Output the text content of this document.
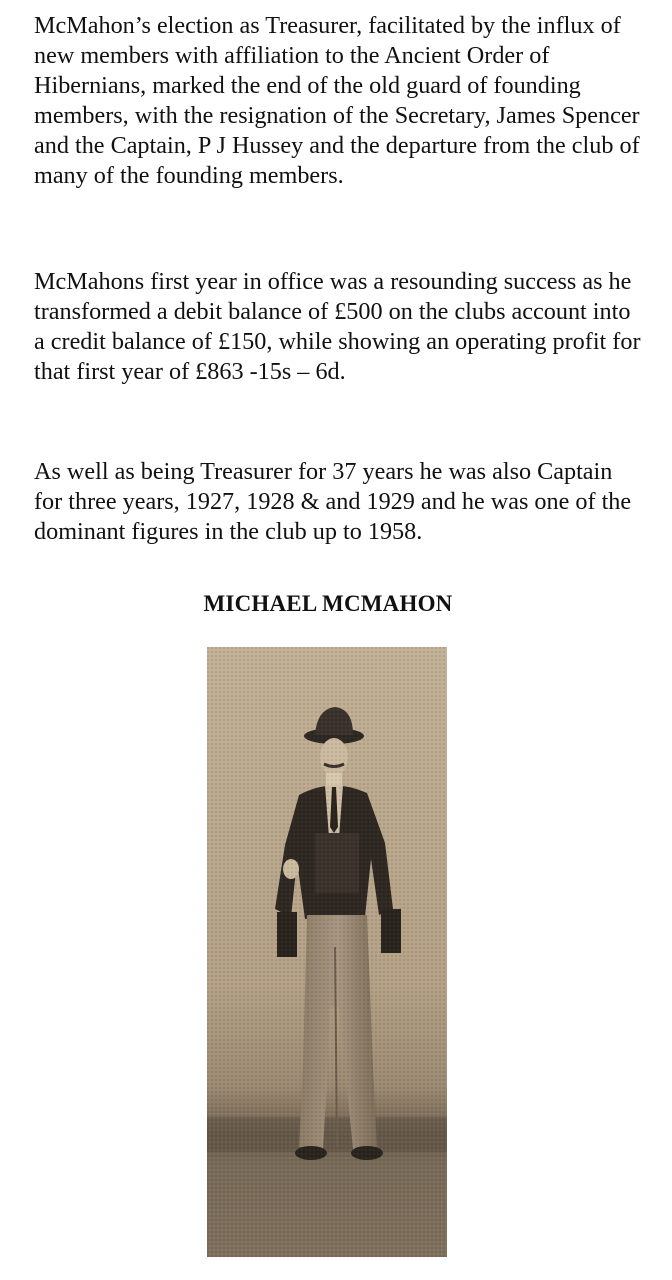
McMahon’s election as Treasurer, facilitated by the influx of new members with affiliation to the Ancient Order of Hibernians, marked the end of the old guard of founding members, with the resignation of the Secretary, James Spencer and the Captain, P J Hussey and the departure from the club of many of the founding members.

McMahons first year in office was a resounding success as he transformed a debit balance of £500 on the clubs account into a credit balance of £150, while showing an operating profit for that first year of £863 -15s – 6d.

As well as being Treasurer for 37 years he was also Captain for three years, 1927, 1928 & and 1929 and he was one of the dominant figures in the club up to 1958.

MICHAEL MCMAHON
